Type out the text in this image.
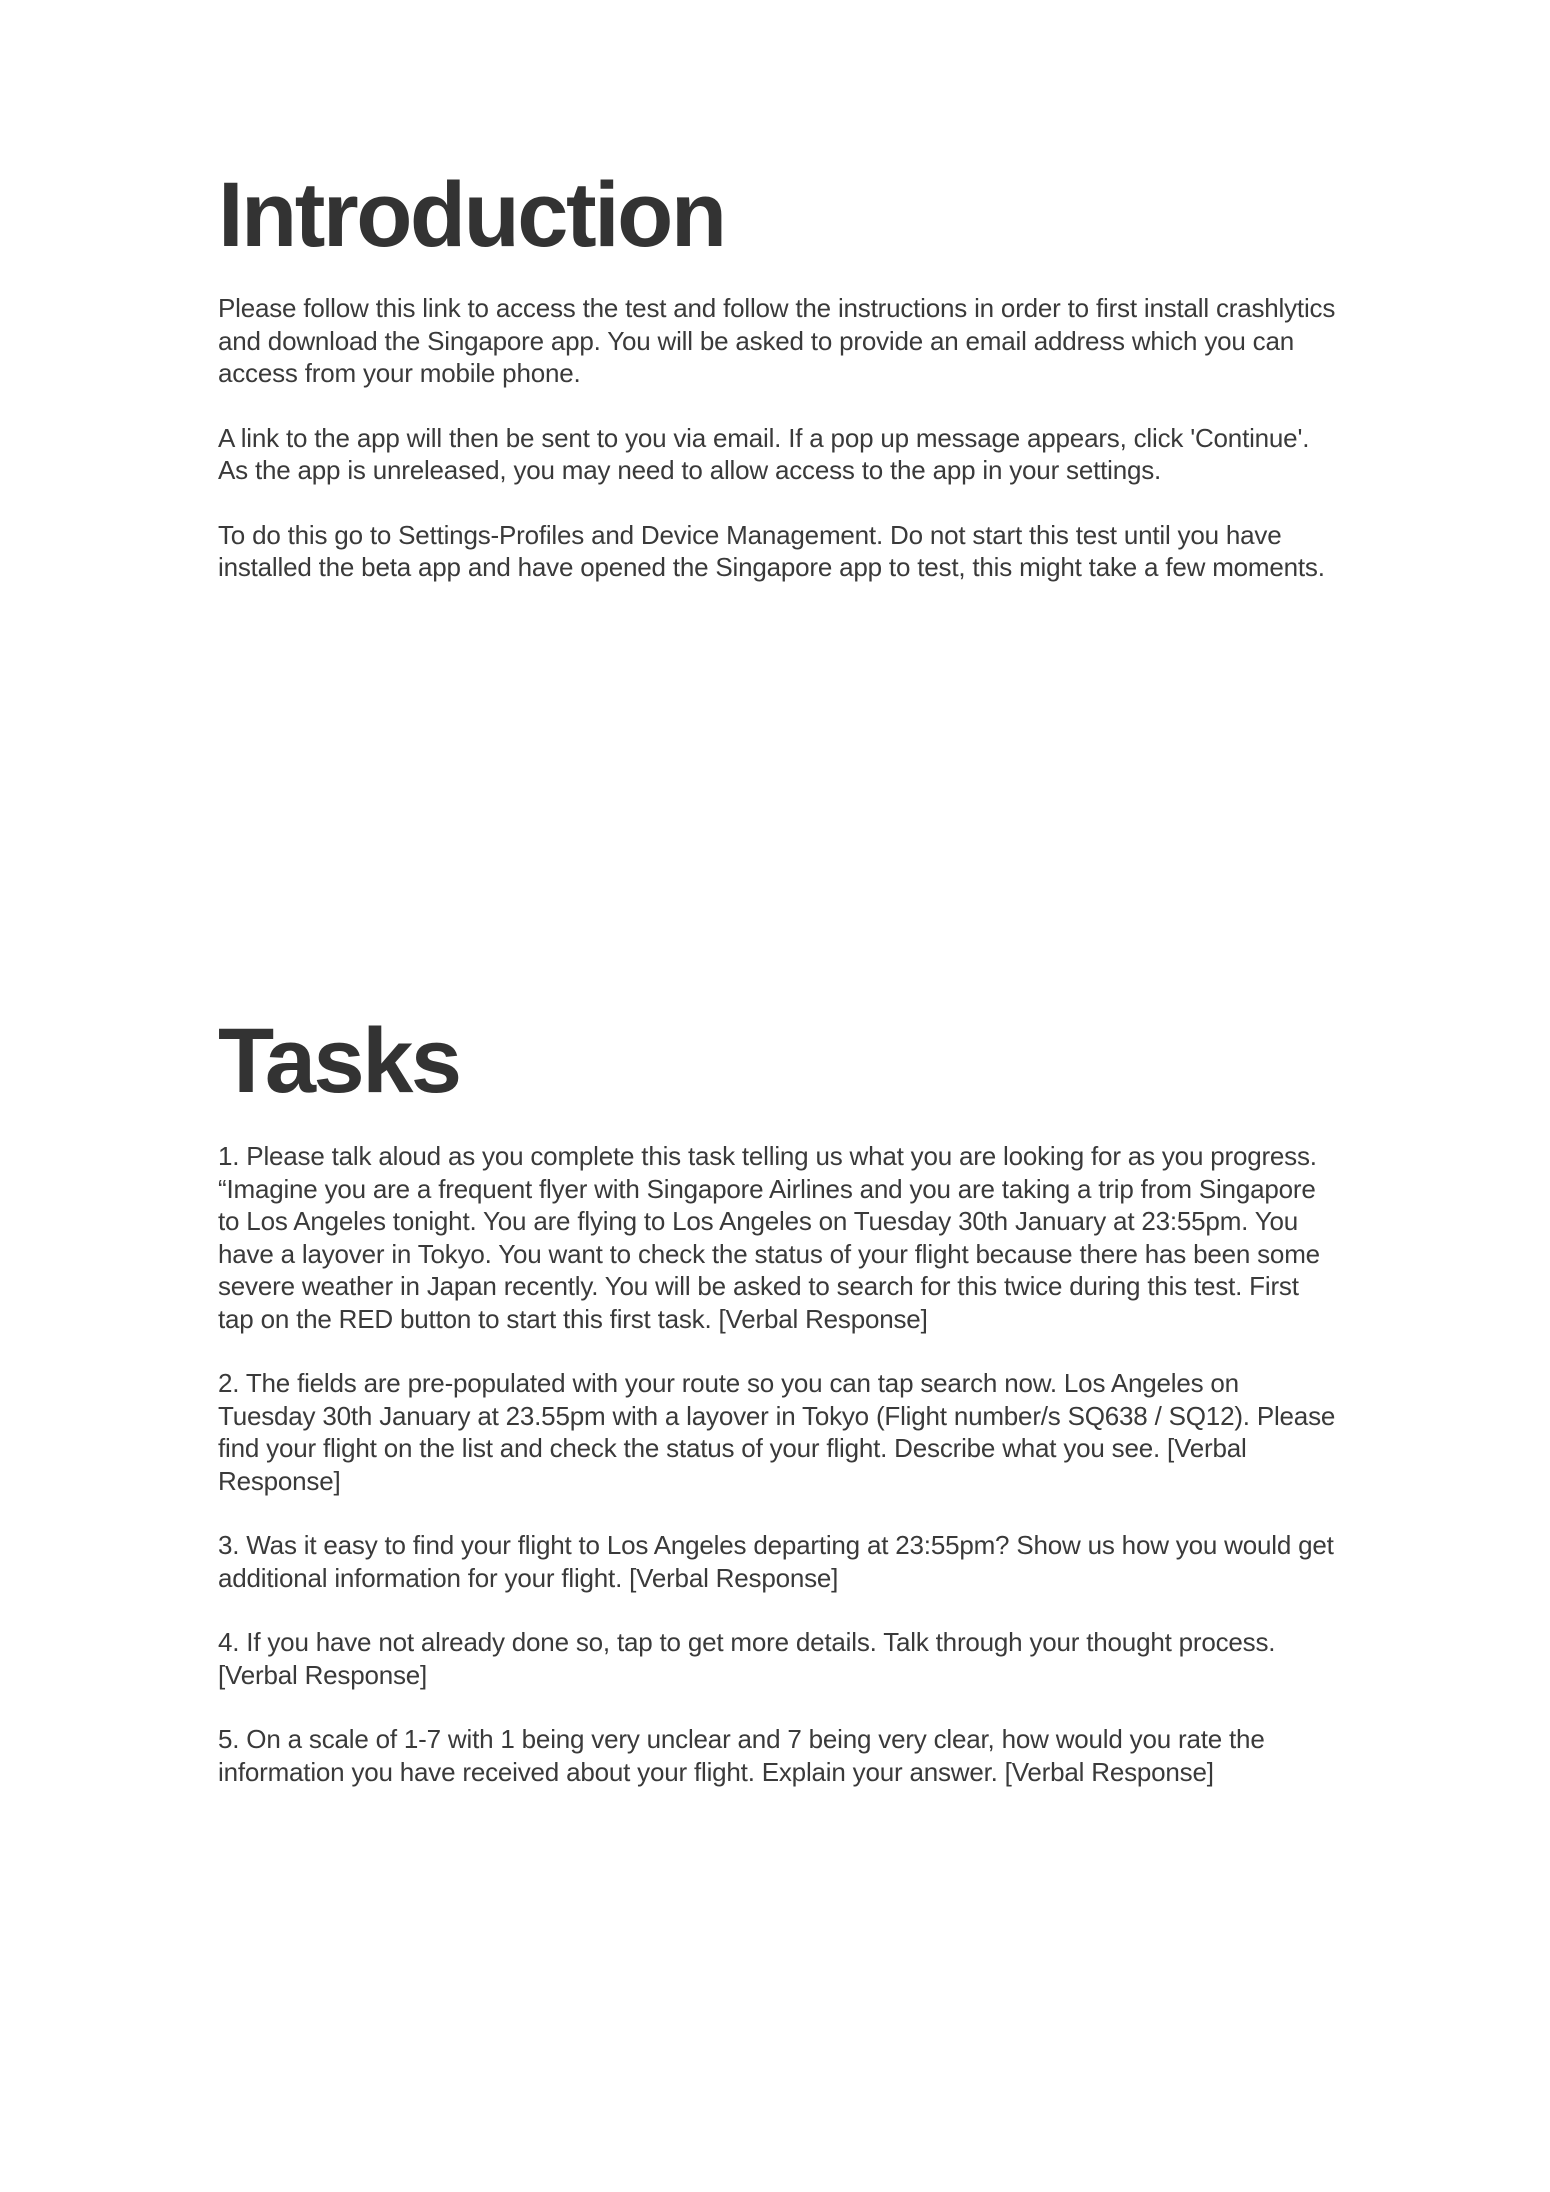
Introduction

Please follow this link to access the test and follow the instructions in order to first install crashlytics and download the Singapore app. You will be asked to provide an email address which you can access from your mobile phone.

A link to the app will then be sent to you via email. If a pop up message appears, click 'Continue'. As the app is unreleased, you may need to allow access to the app in your settings.

To do this go to Settings-Profiles and Device Management. Do not start this test until you have installed the beta app and have opened the Singapore app to test, this might take a few moments.

Tasks

1. Please talk aloud as you complete this task telling us what you are looking for as you progress. “Imagine you are a frequent flyer with Singapore Airlines and you are taking a trip from Singapore to Los Angeles tonight. You are flying to Los Angeles on Tuesday 30th January at 23:55pm. You have a layover in Tokyo. You want to check the status of your flight because there has been some severe weather in Japan recently. You will be asked to search for this twice during this test. First tap on the RED button to start this first task. [Verbal Response]

2. The fields are pre-populated with your route so you can tap search now. Los Angeles on Tuesday 30th January at 23.55pm with a layover in Tokyo (Flight number/s SQ638 / SQ12). Please find your flight on the list and check the status of your flight. Describe what you see. [Verbal Response]

3. Was it easy to find your flight to Los Angeles departing at 23:55pm? Show us how you would get additional information for your flight. [Verbal Response]

4. If you have not already done so, tap to get more details. Talk through your thought process. [Verbal Response]

5. On a scale of 1-7 with 1 being very unclear and 7 being very clear, how would you rate the information you have received about your flight. Explain your answer. [Verbal Response]
